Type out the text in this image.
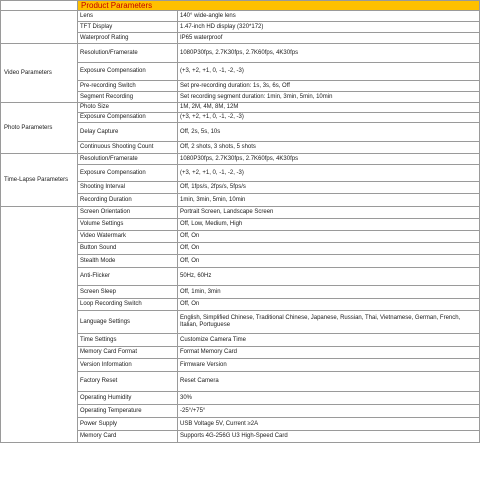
	Product Parameters	
	Lens	140° wide-angle lens
	TFT Display	1.47-inch HD display (320*172)
	Waterproof Rating	IP65 waterproof
Video Parameters	Resolution/Framerate	1080P30fps, 2.7K30fps, 2.7K60fps, 4K30fps
	Exposure Compensation	(+3, +2, +1, 0, -1, -2, -3)
	Pre-recording Switch	Set pre-recording duration: 1s, 3s, 6s, Off
	Segment Recording	Set recording segment duration: 1min, 3min, 5min, 10min
Photo Parameters	Photo Size	1M, 2M, 4M, 8M, 12M
	Exposure Compensation	(+3, +2, +1, 0, -1, -2, -3)
	Delay Capture	Off, 2s, 5s, 10s
	Continuous Shooting Count	Off, 2 shots, 3 shots, 5 shots
Time-Lapse Parameters	Resolution/Framerate	1080P30fps, 2.7K30fps, 2.7K60fps, 4K30fps
	Exposure Compensation	(+3, +2, +1, 0, -1, -2, -3)
	Shooting Interval	Off, 1fps/s, 2fps/s, 5fps/s
	Recording Duration	1min, 3min, 5min, 10min
	Screen Orientation	Portrait Screen, Landscape Screen
	Volume Settings	Off, Low, Medium, High
	Video Watermark	Off, On
	Button Sound	Off, On
	Stealth Mode	Off, On
	Anti-Flicker	50Hz, 60Hz
	Screen Sleep	Off, 1min, 3min
	Loop Recording Switch	Off, On
	Language Settings	English, Simplified Chinese, Traditional Chinese, Japanese, Russian, Thai, Vietnamese, German, French, Italian, Portuguese
	Time Settings	Customize Camera Time
	Memory Card Format	Format Memory Card
	Version Information	Firmware Version
	Factory Reset	Reset Camera
	Operating Humidity	30%
	Operating Temperature	-25°/+75°
	Power Supply	USB Voltage 5V, Current ≥2A
	Memory Card	Supports 4G-256G U3 High-Speed Card
